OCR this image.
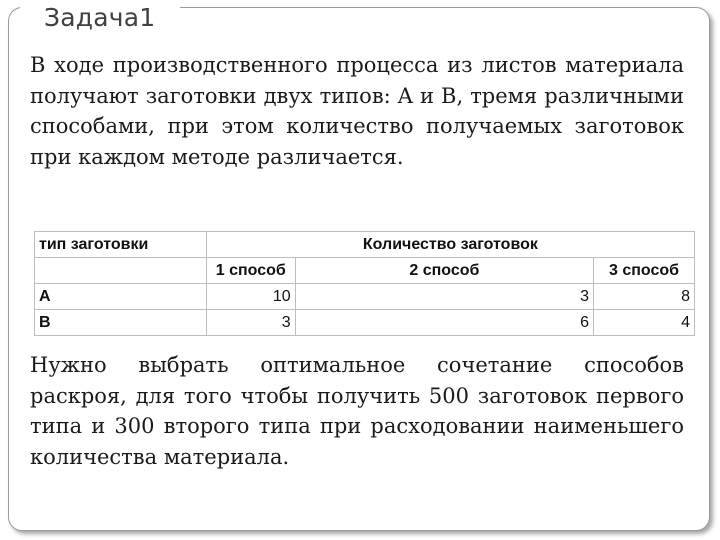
Задача1

В ходе производственного процесса из листов материала получают заготовки двух типов: A и B, тремя различными способами, при этом количество получаемых заготовок при каждом методе различается.

тип заготовки	Количество заготовок		
	1 способ	2 способ	3 способ
A	10	3	8
B	3	6	4

Нужно выбрать оптимальное сочетание способов раскроя, для того чтобы получить 500 заготовок первого типа и 300 второго типа при расходовании наименьшего количества материала.
